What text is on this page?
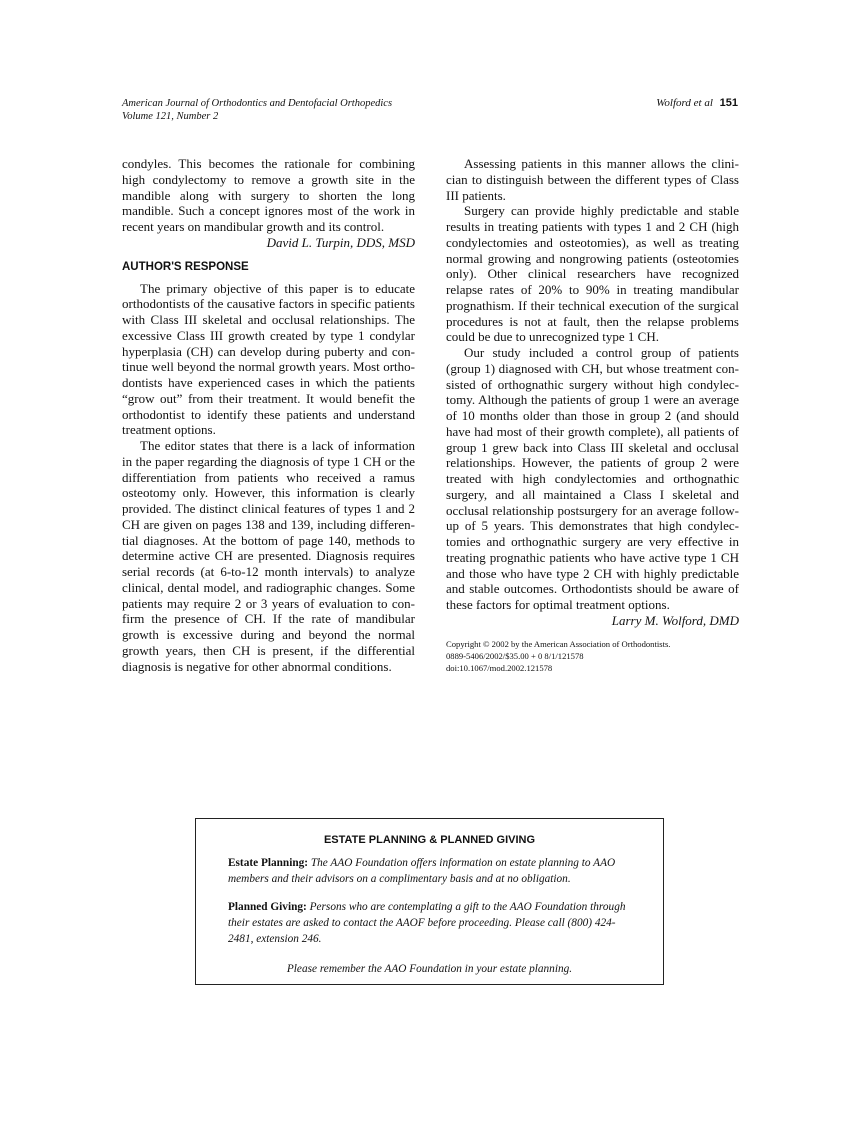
American Journal of Orthodontics and Dentofacial Orthopedics
Volume 121, Number 2
Wolford et al 151
condyles. This becomes the rationale for combining
high condylectomy to remove a growth site in the
mandible along with surgery to shorten the long
mandible. Such a concept ignores most of the work in
recent years on mandibular growth and its control.
David L. Turpin, DDS, MSD
AUTHOR'S RESPONSE
The primary objective of this paper is to educate
orthodontists of the causative factors in specific patients
with Class III skeletal and occlusal relationships. The
excessive Class III growth created by type 1 condylar
hyperplasia (CH) can develop during puberty and con-
tinue well beyond the normal growth years. Most ortho-
dontists have experienced cases in which the patients
“grow out” from their treatment. It would benefit the
orthodontist to identify these patients and understand
treatment options.
The editor states that there is a lack of information
in the paper regarding the diagnosis of type 1 CH or the
differentiation from patients who received a ramus
osteotomy only. However, this information is clearly
provided. The distinct clinical features of types 1 and 2
CH are given on pages 138 and 139, including differen-
tial diagnoses. At the bottom of page 140, methods to
determine active CH are presented. Diagnosis requires
serial records (at 6-to-12 month intervals) to analyze
clinical, dental model, and radiographic changes. Some
patients may require 2 or 3 years of evaluation to con-
firm the presence of CH. If the rate of mandibular
growth is excessive during and beyond the normal
growth years, then CH is present, if the differential
diagnosis is negative for other abnormal conditions.
Assessing patients in this manner allows the clini-
cian to distinguish between the different types of Class
III patients.
Surgery can provide highly predictable and stable
results in treating patients with types 1 and 2 CH (high
condylectomies and osteotomies), as well as treating
normal growing and nongrowing patients (osteotomies
only). Other clinical researchers have recognized
relapse rates of 20% to 90% in treating mandibular
prognathism. If their technical execution of the surgical
procedures is not at fault, then the relapse problems
could be due to unrecognized type 1 CH.
Our study included a control group of patients
(group 1) diagnosed with CH, but whose treatment con-
sisted of orthognathic surgery without high condylec-
tomy. Although the patients of group 1 were an average
of 10 months older than those in group 2 (and should
have had most of their growth complete), all patients of
group 1 grew back into Class III skeletal and occlusal
relationships. However, the patients of group 2 were
treated with high condylectomies and orthognathic
surgery, and all maintained a Class I skeletal and
occlusal relationship postsurgery for an average follow-
up of 5 years. This demonstrates that high condylec-
tomies and orthognathic surgery are very effective in
treating prognathic patients who have active type 1 CH
and those who have type 2 CH with highly predictable
and stable outcomes. Orthodontists should be aware of
these factors for optimal treatment options.
Larry M. Wolford, DMD
Copyright © 2002 by the American Association of Orthodontists.
0889-5406/2002/$35.00 + 0 8/1/121578
doi:10.1067/mod.2002.121578
ESTATE PLANNING & PLANNED GIVING
Estate Planning: The AAO Foundation offers information on estate planning to AAO members and their advisors on a complimentary basis and at no obligation.
Planned Giving: Persons who are contemplating a gift to the AAO Foundation through their estates are asked to contact the AAOF before proceeding. Please call (800) 424-2481, extension 246.
Please remember the AAO Foundation in your estate planning.
